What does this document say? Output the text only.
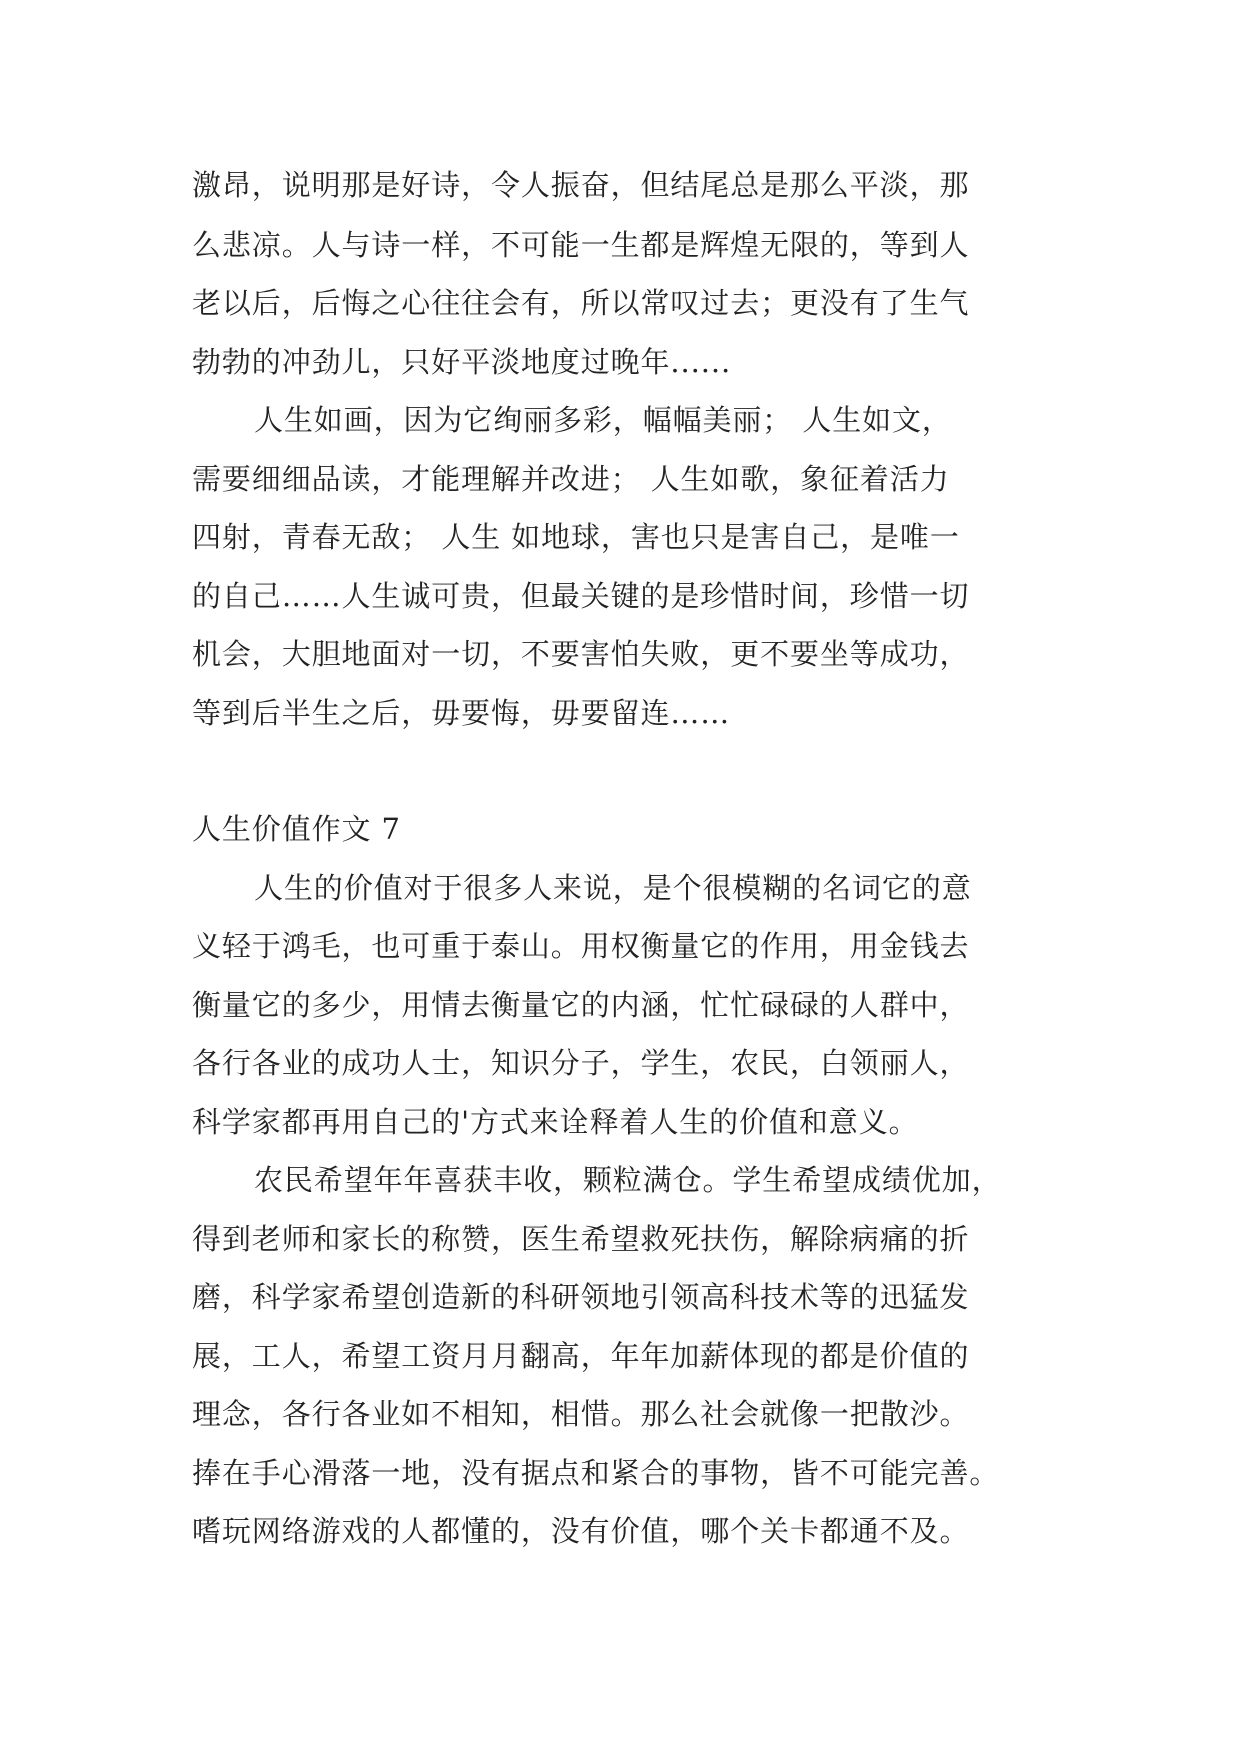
激昂，说明那是好诗，令人振奋，但结尾总是那么平淡，那
么悲凉。人与诗一样，不可能一生都是辉煌无限的，等到人
老以后，后悔之心往往会有，所以常叹过去；更没有了生气
勃勃的冲劲儿，只好平淡地度过晚年......
人生如画，因为它绚丽多彩，幅幅美丽； 人生如文，
需要细细品读，才能理解并改进； 人生如歌，象征着活力
四射，青春无敌； 人生 如地球，害也只是害自己，是唯一
的自己……人生诚可贵，但最关键的是珍惜时间，珍惜一切
机会，大胆地面对一切，不要害怕失败，更不要坐等成功，
等到后半生之后，毋要悔，毋要留连……
人生价值作文 7
人生的价值对于很多人来说，是个很模糊的名词它的意
义轻于鸿毛，也可重于泰山。用权衡量它的作用，用金钱去
衡量它的多少，用情去衡量它的内涵，忙忙碌碌的人群中，
各行各业的成功人士，知识分子，学生，农民，白领丽人，
科学家都再用自己的'方式来诠释着人生的价值和意义。
农民希望年年喜获丰收，颗粒满仓。学生希望成绩优加，
得到老师和家长的称赞，医生希望救死扶伤，解除病痛的折
磨，科学家希望创造新的科研领地引领高科技术等的迅猛发
展，工人，希望工资月月翻高，年年加薪体现的都是价值的
理念，各行各业如不相知，相惜。那么社会就像一把散沙。
捧在手心滑落一地，没有据点和紧合的事物，皆不可能完善。
嗜玩网络游戏的人都懂的，没有价值，哪个关卡都通不及。
